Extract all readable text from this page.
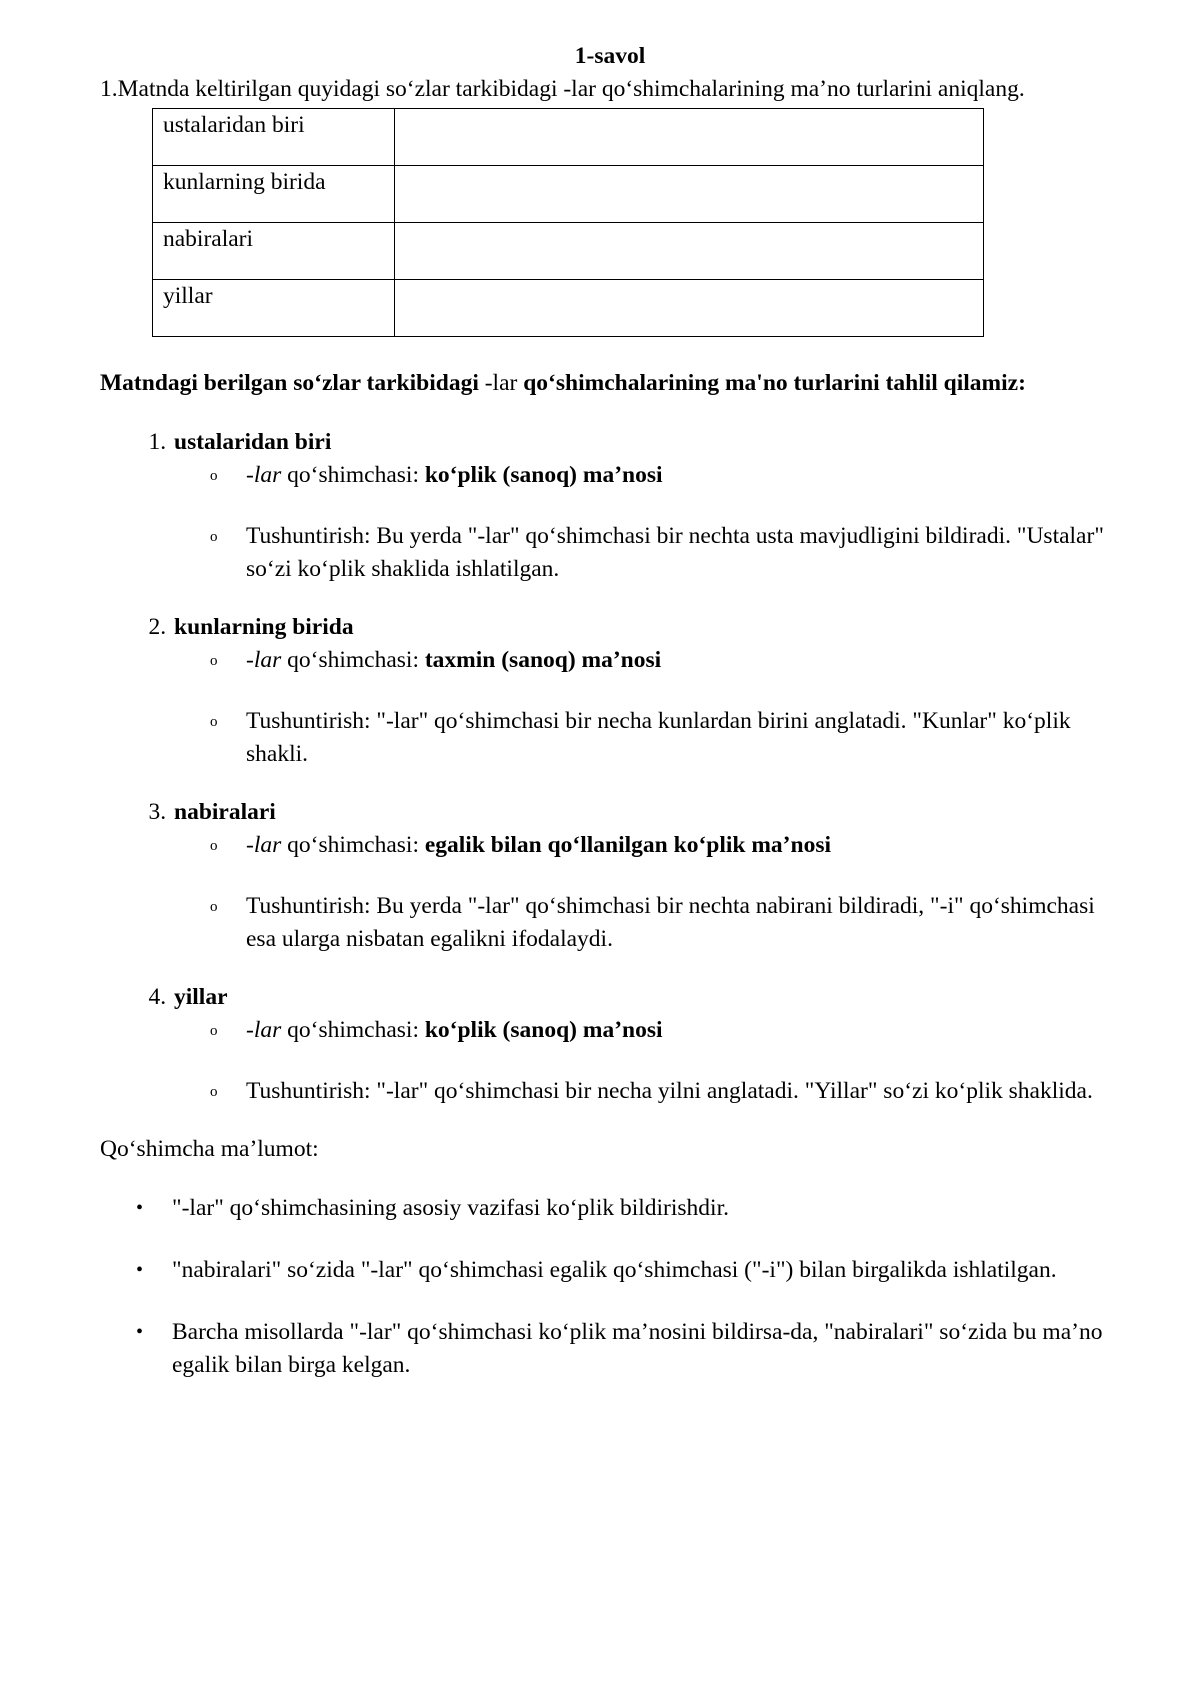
1-savol

1.Matnda keltirilgan quyidagi so‘zlar tarkibidagi -lar qo‘shimchalarining ma’no turlarini aniqlang.

ustalaridan biri	
kunlarning birida	
nabiralari	
yillar	
Matndagi berilgan so‘zlar tarkibidagi -lar qo‘shimchalarining ma'no turlarini tahlil qilamiz:
1. ustalaridan biri
o -lar qo‘shimchasi: ko‘plik (sanoq) ma’nosi
o Tushuntirish: Bu yerda "-lar" qo‘shimchasi bir nechta usta mavjudligini bildiradi. "Ustalar" so‘zi ko‘plik shaklida ishlatilgan.
2. kunlarning birida
o -lar qo‘shimchasi: taxmin (sanoq) ma’nosi
o Tushuntirish: "-lar" qo‘shimchasi bir necha kunlardan birini anglatadi. "Kunlar" ko‘plik shakli.
3. nabiralari
o -lar qo‘shimchasi: egalik bilan qo‘llanilgan ko‘plik ma’nosi
o Tushuntirish: Bu yerda "-lar" qo‘shimchasi bir nechta nabirani bildiradi, "-i" qo‘shimchasi esa ularga nisbatan egalikni ifodalaydi.
4. yillar
o -lar qo‘shimchasi: ko‘plik (sanoq) ma’nosi
o Tushuntirish: "-lar" qo‘shimchasi bir necha yilni anglatadi. "Yillar" so‘zi ko‘plik shaklida.
Qo‘shimcha ma’lumot:
• "-lar" qo‘shimchasining asosiy vazifasi ko‘plik bildirishdir.
• "nabiralari" so‘zida "-lar" qo‘shimchasi egalik qo‘shimchasi ("-i") bilan birgalikda ishlatilgan.
• Barcha misollarda "-lar" qo‘shimchasi ko‘plik ma’nosini bildirsa-da, "nabiralari" so‘zida bu ma’no egalik bilan birga kelgan.
